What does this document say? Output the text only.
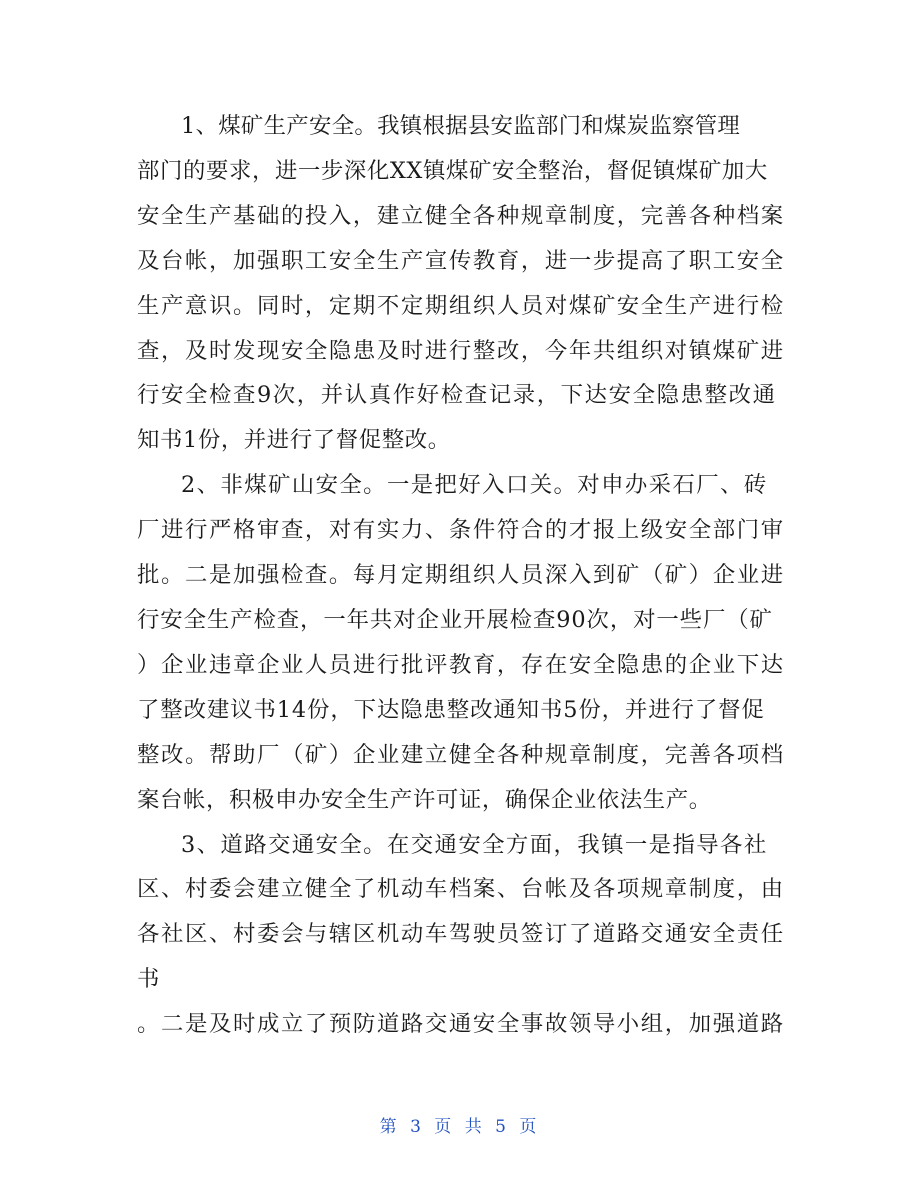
1、煤矿生产安全。我镇根据县安监部门和煤炭监察管理
部门的要求，进一步深化XX镇煤矿安全整治，督促镇煤矿加大
安全生产基础的投入，建立健全各种规章制度，完善各种档案
及台帐，加强职工安全生产宣传教育，进一步提高了职工安全
生产意识。同时，定期不定期组织人员对煤矿安全生产进行检
查，及时发现安全隐患及时进行整改，今年共组织对镇煤矿进
行安全检查9次，并认真作好检查记录，下达安全隐患整改通
知书1份，并进行了督促整改。
2、非煤矿山安全。一是把好入口关。对申办采石厂、砖
厂进行严格审查，对有实力、条件符合的才报上级安全部门审
批。二是加强检查。每月定期组织人员深入到矿（矿）企业进
行安全生产检查，一年共对企业开展检查90次，对一些厂（矿
）企业违章企业人员进行批评教育，存在安全隐患的企业下达
了整改建议书14份，下达隐患整改通知书5份，并进行了督促
整改。帮助厂（矿）企业建立健全各种规章制度，完善各项档
案台帐，积极申办安全生产许可证，确保企业依法生产。
3、道路交通安全。在交通安全方面，我镇一是指导各社
区、村委会建立健全了机动车档案、台帐及各项规章制度，由
各社区、村委会与辖区机动车驾驶员签订了道路交通安全责任
书
。二是及时成立了预防道路交通安全事故领导小组，加强道路
第 3 页 共 5 页
